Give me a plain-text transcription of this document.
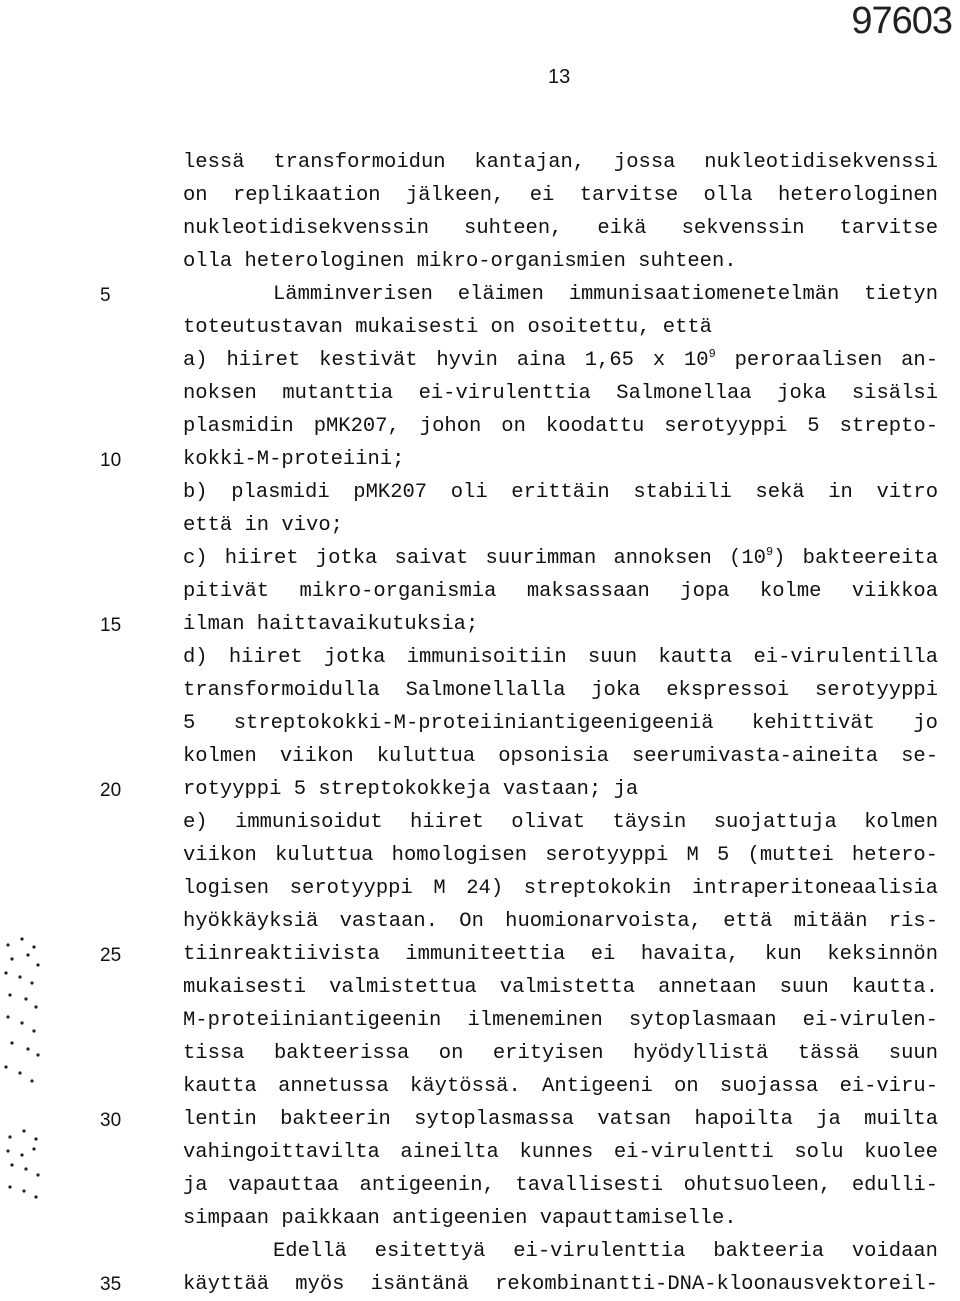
97603
13
lessä transformoidun kantajan, jossa nukleotidisekvenssi
on replikaation jälkeen, ei tarvitse olla heterologinen
nukleotidisekvenssin suhteen, eikä sekvenssin tarvitse
olla heterologinen mikro-organismien suhteen.
Lämminverisen eläimen immunisaatiomenetelmän tietyn
toteutustavan mukaisesti on osoitettu, että
a) hiiret kestivät hyvin aina 1,65 x $10^9$ peroraalisen an-
noksen mutanttia ei-virulenttia Salmonellaa joka sisälsi
plasmidin pMK207, johon on koodattu serotyyppi 5 strepto-
kokki-M-proteiini;
b) plasmidi pMK207 oli erittäin stabiili sekä in vitro
että in vivo;
c) hiiret jotka saivat suurimman annoksen $(10^9)$ bakteereita
pitivät mikro-organismia maksassaan jopa kolme viikkoa
ilman haittavaikutuksia;
d) hiiret jotka immunisoitiin suun kautta ei-virulentilla
transformoidulla Salmonellalla joka ekspressoi serotyyppi
5 streptokokki-M-proteiiniantigeenigeeniä kehittivät jo
kolmen viikon kuluttua opsonisia seerumivasta-aineita se-
rotyyppi 5 streptokokkeja vastaan; ja
e) immunisoidut hiiret olivat täysin suojattuja kolmen
viikon kuluttua homologisen serotyyppi M 5 (muttei hetero-
logisen serotyyppi M 24) streptokokin intraperitoneaalisia
hyökkäyksiä vastaan. On huomionarvoista, että mitään ris-
tiinreaktiivista immuniteettia ei havaita, kun keksinnön
mukaisesti valmistettua valmistetta annetaan suun kautta.
M-proteiiniantigeenin ilmeneminen sytoplasmaan ei-virulen-
tissa bakteerissa on erityisen hyödyllistä tässä suun
kautta annetussa käytössä. Antigeeni on suojassa ei-viru-
lentin bakteerin sytoplasmassa vatsan hapoilta ja muilta
vahingoittavilta aineilta kunnes ei-virulentti solu kuolee
ja vapauttaa antigeenin, tavallisesti ohutsuoleen, edulli-
simpaan paikkaan antigeenien vapauttamiselle.
Edellä esitettyä ei-virulenttia bakteeria voidaan
käyttää myös isäntänä rekombinantti-DNA-kloonausvektoreil-
5
10
15
20
25
30
35
